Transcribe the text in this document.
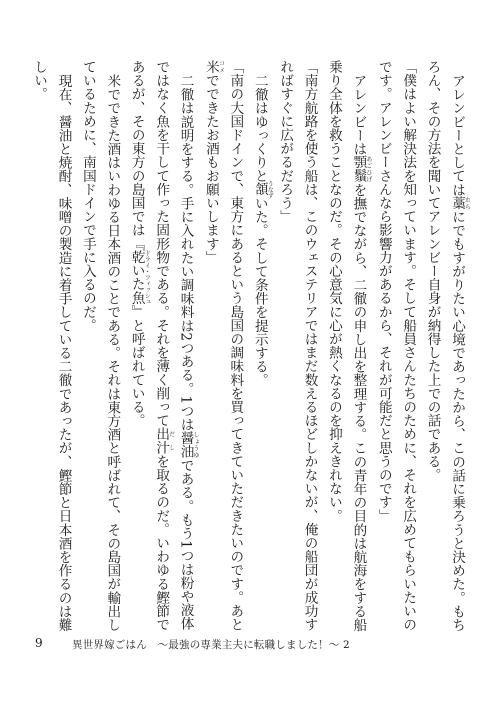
アレンビーとしては藁わらにでもすがりたい心境であったから、この話に乗ろうと決めた。もちろん、その方法を聞いてアレンビー自身が納得した上での話である。

「僕はよい解決法を知っています。そして船員さんたちのために、それを広めてもらいたいのです。アレンビーさんなら影響力があるから、それが可能だと思うのです」

アレンビーは顎鬚あごひげを撫でながら、二徹の申し出を整理する。この青年の目的は航海をする船乗り全体を救うことなのだ。その心意気に心が熱くなるのを抑えきれない。

「南方航路を使う船は、このウェステリアではまだ数えるほどしかないが、俺の船団が成功すればすぐに広がるだろう」

二徹はゆっくりと頷うなずいた。そして条件を提示する。

「南の大国ドインで、東方にあるという島国の調味料を買ってきていただきたいのです。あと米コメでできたお酒もお願いします」

二徹は説明をする。手に入れたい調味料は2つある。1つは醤油しょうゆである。もう1つは粉や液体ではなく魚を干して作った固形物である。それを薄く削って出汁だしを取るのだ。いわゆる鰹節であるが、その東方の島国では『乾いた魚ドライ・フィッシュ』と呼ばれている。

米でできた酒はいわゆる日本酒のことである。それは東方酒と呼ばれて、その島国が輸出しているために、南国ドインで手に入るのだ。

現在、醤油と焼酎、味噌の製造に着手している二徹であったが、鰹節と日本酒を作るのは難しい。

9	異世界嫁ごはん　～最強の専業主夫に転職しました！～ 2
